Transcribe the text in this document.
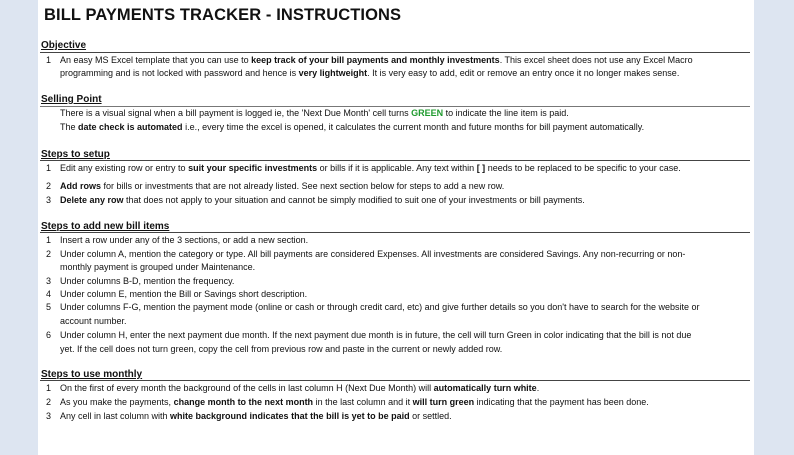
BILL PAYMENTS TRACKER - INSTRUCTIONS
Objective
1 An easy MS Excel template that you can use to keep track of your bill payments and monthly investments. This excel sheet does not use any Excel Macro
programming and is not locked with password and hence is very lightweight. It is very easy to add, edit or remove an entry once it no longer makes sense.
Selling Point
There is a visual signal when a bill payment is logged ie, the 'Next Due Month' cell turns GREEN to indicate the line item is paid.
The date check is automated i.e., every time the excel is opened, it calculates the current month and future months for bill payment automatically.
Steps to setup
1 Edit any existing row or entry to suit your specific investments or bills if it is applicable. Any text within [ ] needs to be replaced to be specific to your case.
2 Add rows for bills or investments that are not already listed. See next section below for steps to add a new row.
3 Delete any row that does not apply to your situation and cannot be simply modified to suit one of your investments or bill payments.
Steps to add new bill items
1 Insert a row under any of the 3 sections, or add a new section.
2 Under column A, mention the category or type. All bill payments are considered Expenses. All investments are considered Savings. Any non-recurring or non-
monthly payment is grouped under Maintenance.
3 Under columns B-D, mention the frequency.
4 Under column E, mention the Bill or Savings short description.
5 Under columns F-G, mention the payment mode (online or cash or through credit card, etc) and give further details so you don't have to search for the website or
account number.
6 Under column H, enter the next payment due month. If the next payment due month is in future, the cell will turn Green in color indicating that the bill is not due
yet. If the cell does not turn green, copy the cell from previous row and paste in the current or newly added row.
Steps to use monthly
1 On the first of every month the background of the cells in last column H (Next Due Month) will automatically turn white.
2 As you make the payments, change month to the next month in the last column and it will turn green indicating that the payment has been done.
3 Any cell in last column with white background indicates that the bill is yet to be paid or settled.
